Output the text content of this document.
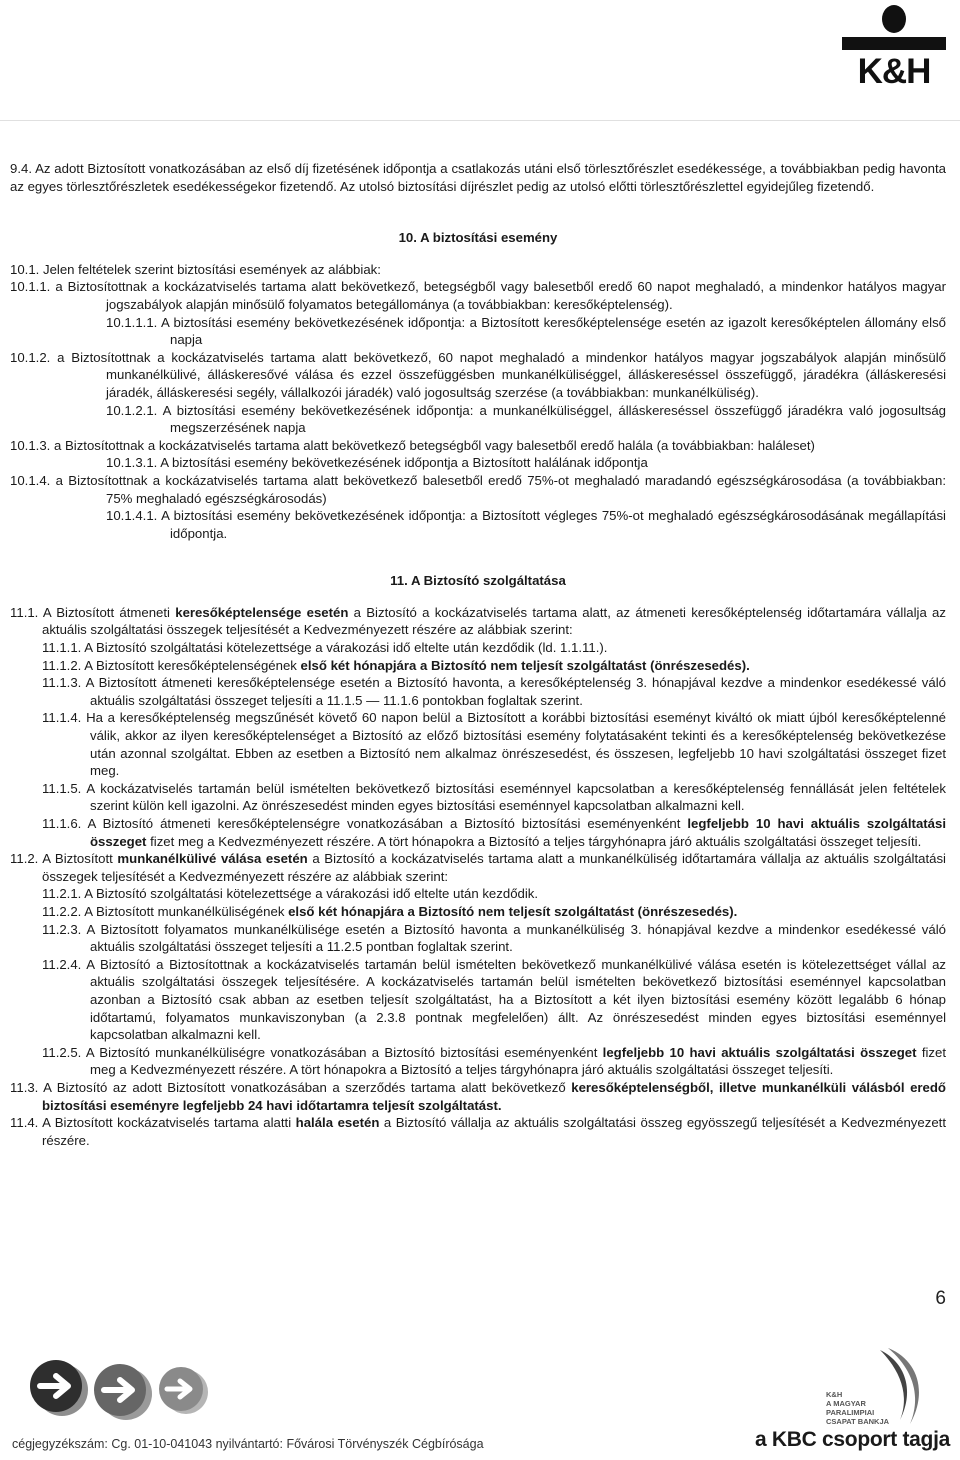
K&H

9.4. Az adott Biztosított vonatkozásában az első díj fizetésének időpontja a csatlakozás utáni első törlesztőrészlet esedékessége, a továbbiakban pedig havonta az egyes törlesztőrészletek esedékességekor fizetendő. Az utolsó biztosítási díjrészlet pedig az utolsó előtti törlesztőrészlettel egyidejűleg fizetendő.

10. A biztosítási esemény

10.1. Jelen feltételek szerint biztosítási események az alábbiak:

10.1.1. a Biztosítottnak a kockázatviselés tartama alatt bekövetkező, betegségből vagy balesetből eredő 60 napot meghaladó, a mindenkor hatályos magyar jogszabályok alapján minősülő folyamatos betegállománya (a továbbiakban: keresőképtelenség).

10.1.1.1. A biztosítási esemény bekövetkezésének időpontja: a Biztosított keresőképtelensége esetén az igazolt keresőképtelen állomány első napja

10.1.2. a Biztosítottnak a kockázatviselés tartama alatt bekövetkező, 60 napot meghaladó a mindenkor hatályos magyar jogszabályok alapján minősülő munkanélkülivé, álláskeresővé válása és ezzel összefüggésben munkanélküliséggel, álláskereséssel összefüggő, járadékra (álláskeresési járadék, álláskeresési segély, vállalkozói járadék) való jogosultság szerzése (a továbbiakban: munkanélküliség).

10.1.2.1. A biztosítási esemény bekövetkezésének időpontja: a munkanélküliséggel, álláskereséssel összefüggő járadékra való jogosultság megszerzésének napja

10.1.3. a Biztosítottnak a kockázatviselés tartama alatt bekövetkező betegségből vagy balesetből eredő halála (a továbbiakban: haláleset)

10.1.3.1. A biztosítási esemény bekövetkezésének időpontja a Biztosított halálának időpontja

10.1.4. a Biztosítottnak a kockázatviselés tartama alatt bekövetkező balesetből eredő 75%-ot meghaladó maradandó egészségkárosodása (a továbbiakban: 75% meghaladó egészségkárosodás)

10.1.4.1. A biztosítási esemény bekövetkezésének időpontja: a Biztosított végleges 75%-ot meghaladó egészségkárosodásának megállapítási időpontja.

11. A Biztosító szolgáltatása

11.1. A Biztosított átmeneti keresőképtelensége esetén a Biztosító a kockázatviselés tartama alatt, az átmeneti keresőképtelenség időtartamára vállalja az aktuális szolgáltatási összegek teljesítését a Kedvezményezett részére az alábbiak szerint:

11.1.1. A Biztosító szolgáltatási kötelezettsége a várakozási idő eltelte után kezdődik (ld. 1.1.11.).

11.1.2. A Biztosított keresőképtelenségének első két hónapjára a Biztosító nem teljesít szolgáltatást (önrészesedés).

11.1.3. A Biztosított átmeneti keresőképtelensége esetén a Biztosító havonta, a keresőképtelenség 3. hónapjával kezdve a mindenkor esedékessé váló aktuális szolgáltatási összeget teljesíti a 11.1.5 — 11.1.6 pontokban foglaltak szerint.

11.1.4. Ha a keresőképtelenség megszűnését követő 60 napon belül a Biztosított a korábbi biztosítási eseményt kiváltó ok miatt újból keresőképtelenné válik, akkor az ilyen keresőképtelenséget a Biztosító az előző biztosítási esemény folytatásaként tekinti és a keresőképtelenség bekövetkezése után azonnal szolgáltat. Ebben az esetben a Biztosító nem alkalmaz önrészesedést, és összesen, legfeljebb 10 havi szolgáltatási összeget fizet meg.

11.1.5. A kockázatviselés tartamán belül ismételten bekövetkező biztosítási eseménnyel kapcsolatban a keresőképtelenség fennállását jelen feltételek szerint külön kell igazolni. Az önrészesedést minden egyes biztosítási eseménnyel kapcsolatban alkalmazni kell.

11.1.6. A Biztosító átmeneti keresőképtelenségre vonatkozásában a Biztosító biztosítási eseményenként legfeljebb 10 havi aktuális szolgáltatási összeget fizet meg a Kedvezményezett részére. A tört hónapokra a Biztosító a teljes tárgyhónapra járó aktuális szolgáltatási összeget teljesíti.

11.2. A Biztosított munkanélkülivé válása esetén a Biztosító a kockázatviselés tartama alatt a munkanélküliség időtartamára vállalja az aktuális szolgáltatási összegek teljesítését a Kedvezményezett részére az alábbiak szerint:

11.2.1. A Biztosító szolgáltatási kötelezettsége a várakozási idő eltelte után kezdődik.

11.2.2. A Biztosított munkanélküliségének első két hónapjára a Biztosító nem teljesít szolgáltatást (önrészesedés).

11.2.3. A Biztosított folyamatos munkanélkülisége esetén a Biztosító havonta a munkanélküliség 3. hónapjával kezdve a mindenkor esedékessé váló aktuális szolgáltatási összeget teljesíti a 11.2.5 pontban foglaltak szerint.

11.2.4. A Biztosító a Biztosítottnak a kockázatviselés tartamán belül ismételten bekövetkező munkanélkülivé válása esetén is kötelezettséget vállal az aktuális szolgáltatási összegek teljesítésére. A kockázatviselés tartamán belül ismételten bekövetkező biztosítási eseménnyel kapcsolatban azonban a Biztosító csak abban az esetben teljesít szolgáltatást, ha a Biztosított a két ilyen biztosítási esemény között legalább 6 hónap időtartamú, folyamatos munkaviszonyban (a 2.3.8 pontnak megfelelően) állt. Az önrészesedést minden egyes biztosítási eseménnyel kapcsolatban alkalmazni kell.

11.2.5. A Biztosító munkanélküliségre vonatkozásában a Biztosító biztosítási eseményenként legfeljebb 10 havi aktuális szolgáltatási összeget fizet meg a Kedvezményezett részére. A tört hónapokra a Biztosító a teljes tárgyhónapra járó aktuális szolgáltatási összeget teljesíti.

11.3. A Biztosító az adott Biztosított vonatkozásában a szerződés tartama alatt bekövetkező keresőképtelenségből, illetve munkanélküli válásból eredő biztosítási eseményre legfeljebb 24 havi időtartamra teljesít szolgáltatást.

11.4. A Biztosított kockázatviselés tartama alatti halála esetén a Biztosító vállalja az aktuális szolgáltatási összeg egyösszegű teljesítését a Kedvezményezett részére.

6
K&H
A MAGYAR
PARALIMPIAI
CSAPAT BANKJA
cégjegyzékszám: Cg. 01-10-041043 nyilvántartó: Fővárosi Törvényszék Cégbírósága	a KBC csoport tagja
